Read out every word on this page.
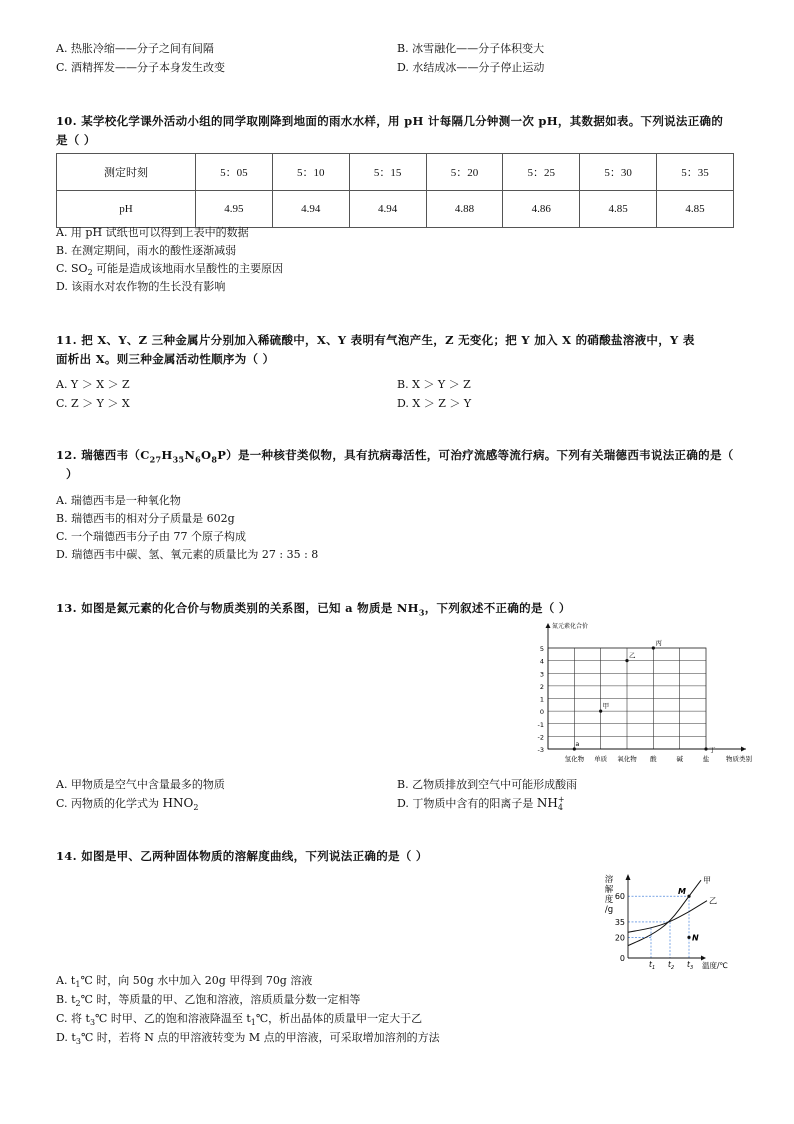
A. 热胀冷缩——分子之间有间隔	B. 冰雪融化——分子体积变大
C. 酒精挥发——分子本身发生改变	D. 水结成冰——分子停止运动
10. 某学校化学课外活动小组的同学取刚降到地面的雨水水样，用 pH 计每隔几分钟测一次 pH，其数据如表。下列说法正确的
是（ ）
测定时刻	5：05	5：10	5：15	5：20	5：25	5：30	5：35
pH	4.95	4.94	4.94	4.88	4.86	4.85	4.85
A. 用 pH 试纸也可以得到上表中的数据
B. 在测定期间，雨水的酸性逐渐减弱
C. $SO_2$ 可能是造成该地雨水呈酸性的主要原因
D. 该雨水对农作物的生长没有影响
11. 把 X、Y、Z 三种金属片分别加入稀硫酸中，X、Y 表明有气泡产生，Z 无变化；把 Y 加入 X 的硝酸盐溶液中，Y 表
面析出 X。则三种金属活动性顺序为（ ）
A. Y ＞ X ＞ Z	B. X ＞ Y ＞ Z
C. Z ＞ Y ＞ X	D. X ＞ Z ＞ Y
12. 瑞德西韦$(C_{27}H_{35}N_6O_8P)$是一种核苷类似物，具有抗病毒活性，可治疗流感等流行病。下列有关瑞德西韦说法正确的是（
）
A. 瑞德西韦是一种氧化物
B. 瑞德西韦的相对分子质量是 602g
C. 一个瑞德西韦分子由 77 个原子构成
D. 瑞德西韦中碳、氢、氧元素的质量比为 27 : 35 : 8
13. 如图是氮元素的化合价与物质类别的关系图，已知 a 物质是 $NH_3$，下列叙述不正确的是（ ）
5
4
3
2
1
0
-1
-2
-3
氮元素化合价
氢化物 单质 氧化物 酸	碱	盐	物质类别
a
甲
乙
丙
丁
A. 甲物质是空气中含量最多的物质	B. 乙物质排放到空气中可能形成酸雨
C. 丙物质的化学式为 $HNO_2$	D. 丁物质中含有的阳离子是 NH +
4
14. 如图是甲、乙两种固体物质的溶解度曲线，下列说法正确的是（ ）
溶
解
度
/g
60
35
20
0
$t_1$ $t_2$ $t_3$ 温度/℃
甲
乙
M
N
A. $t_1℃$ 时，向 50g 水中加入 20g 甲得到 70g 溶液
B. $t_2℃$ 时，等质量的甲、乙饱和溶液，溶质质量分数一定相等
C. 将 $t_3℃$ 时甲、乙的饱和溶液降温至 $t_1℃$，析出晶体的质量甲一定大于乙
D. $t_3℃$ 时，若将 N 点的甲溶液转变为 M 点的甲溶液，可采取增加溶剂的方法
